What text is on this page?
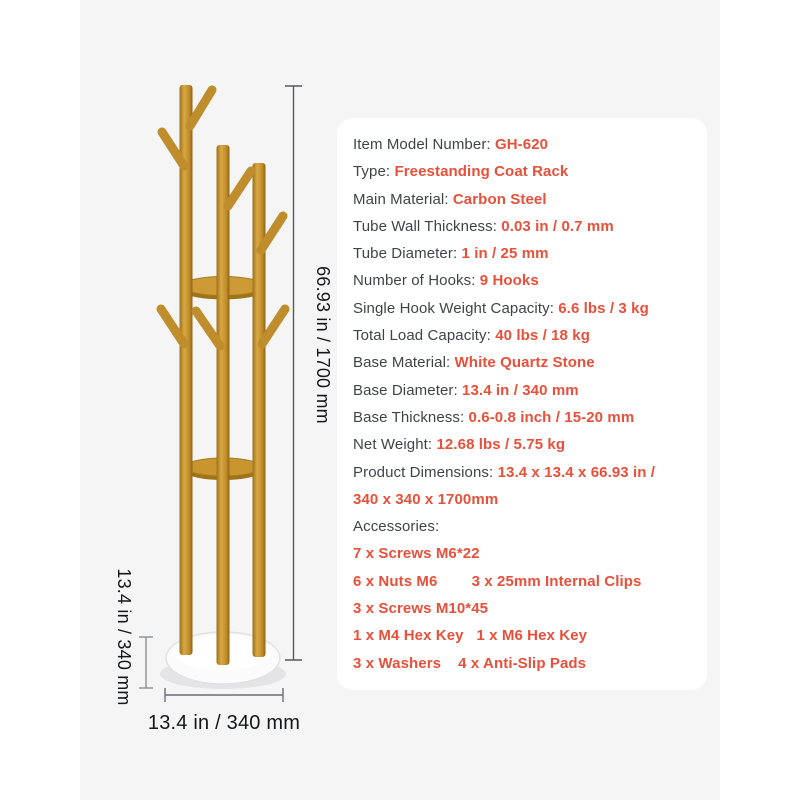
66.93 in / 1700 mm
13.4 in / 340 mm
13.4 in / 340 mm
Item Model Number: GH-620
Type: Freestanding Coat Rack
Main Material: Carbon Steel
Tube Wall Thickness: 0.03 in / 0.7 mm
Tube Diameter: 1 in / 25 mm
Number of Hooks: 9 Hooks
Single Hook Weight Capacity: 6.6 lbs / 3 kg
Total Load Capacity: 40 lbs / 18 kg
Base Material: White Quartz Stone
Base Diameter: 13.4 in / 340 mm
Base Thickness: 0.6-0.8 inch / 15-20 mm
Net Weight: 12.68 lbs / 5.75 kg
Product Dimensions: 13.4 x 13.4 x 66.93 in /
340 x 340 x 1700mm
Accessories:
7 x Screws M6*22
6 x Nuts M6        3 x 25mm Internal Clips
3 x Screws M10*45
1 x M4 Hex Key   1 x M6 Hex Key
3 x Washers    4 x Anti-Slip Pads
